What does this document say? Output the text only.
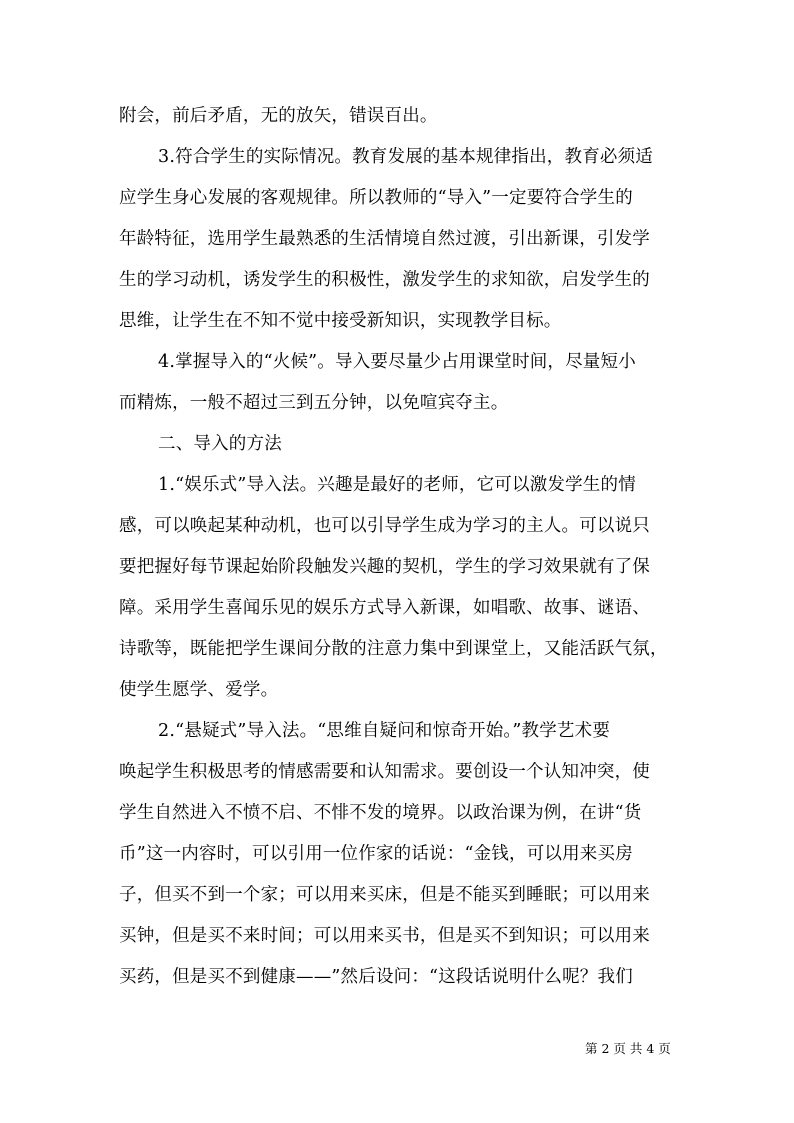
附会，前后矛盾，无的放矢，错误百出。
3.符合学生的实际情况。教育发展的基本规律指出，教育必须适
应学生身心发展的客观规律。所以教师的“导入”一定要符合学生的
年龄特征，选用学生最熟悉的生活情境自然过渡，引出新课，引发学
生的学习动机，诱发学生的积极性，激发学生的求知欲，启发学生的
思维，让学生在不知不觉中接受新知识，实现教学目标。
4.掌握导入的“火候”。导入要尽量少占用课堂时间，尽量短小
而精炼，一般不超过三到五分钟，以免喧宾夺主。
二、导入的方法
1.“娱乐式”导入法。兴趣是最好的老师，它可以激发学生的情
感，可以唤起某种动机，也可以引导学生成为学习的主人。可以说只
要把握好每节课起始阶段触发兴趣的契机，学生的学习效果就有了保
障。采用学生喜闻乐见的娱乐方式导入新课，如唱歌、故事、谜语、
诗歌等，既能把学生课间分散的注意力集中到课堂上，又能活跃气氛，
使学生愿学、爱学。
2.“悬疑式”导入法。“思维自疑问和惊奇开始。”教学艺术要
唤起学生积极思考的情感需要和认知需求。要创设一个认知冲突，使
学生自然进入不愤不启、不悱不发的境界。以政治课为例，在讲“货
币”这一内容时，可以引用一位作家的话说：“金钱，可以用来买房
子，但买不到一个家；可以用来买床，但是不能买到睡眠；可以用来
买钟，但是买不来时间；可以用来买书，但是买不到知识；可以用来
买药，但是买不到健康——”然后设问：“这段话说明什么呢？我们
第 2 页 共 4 页
